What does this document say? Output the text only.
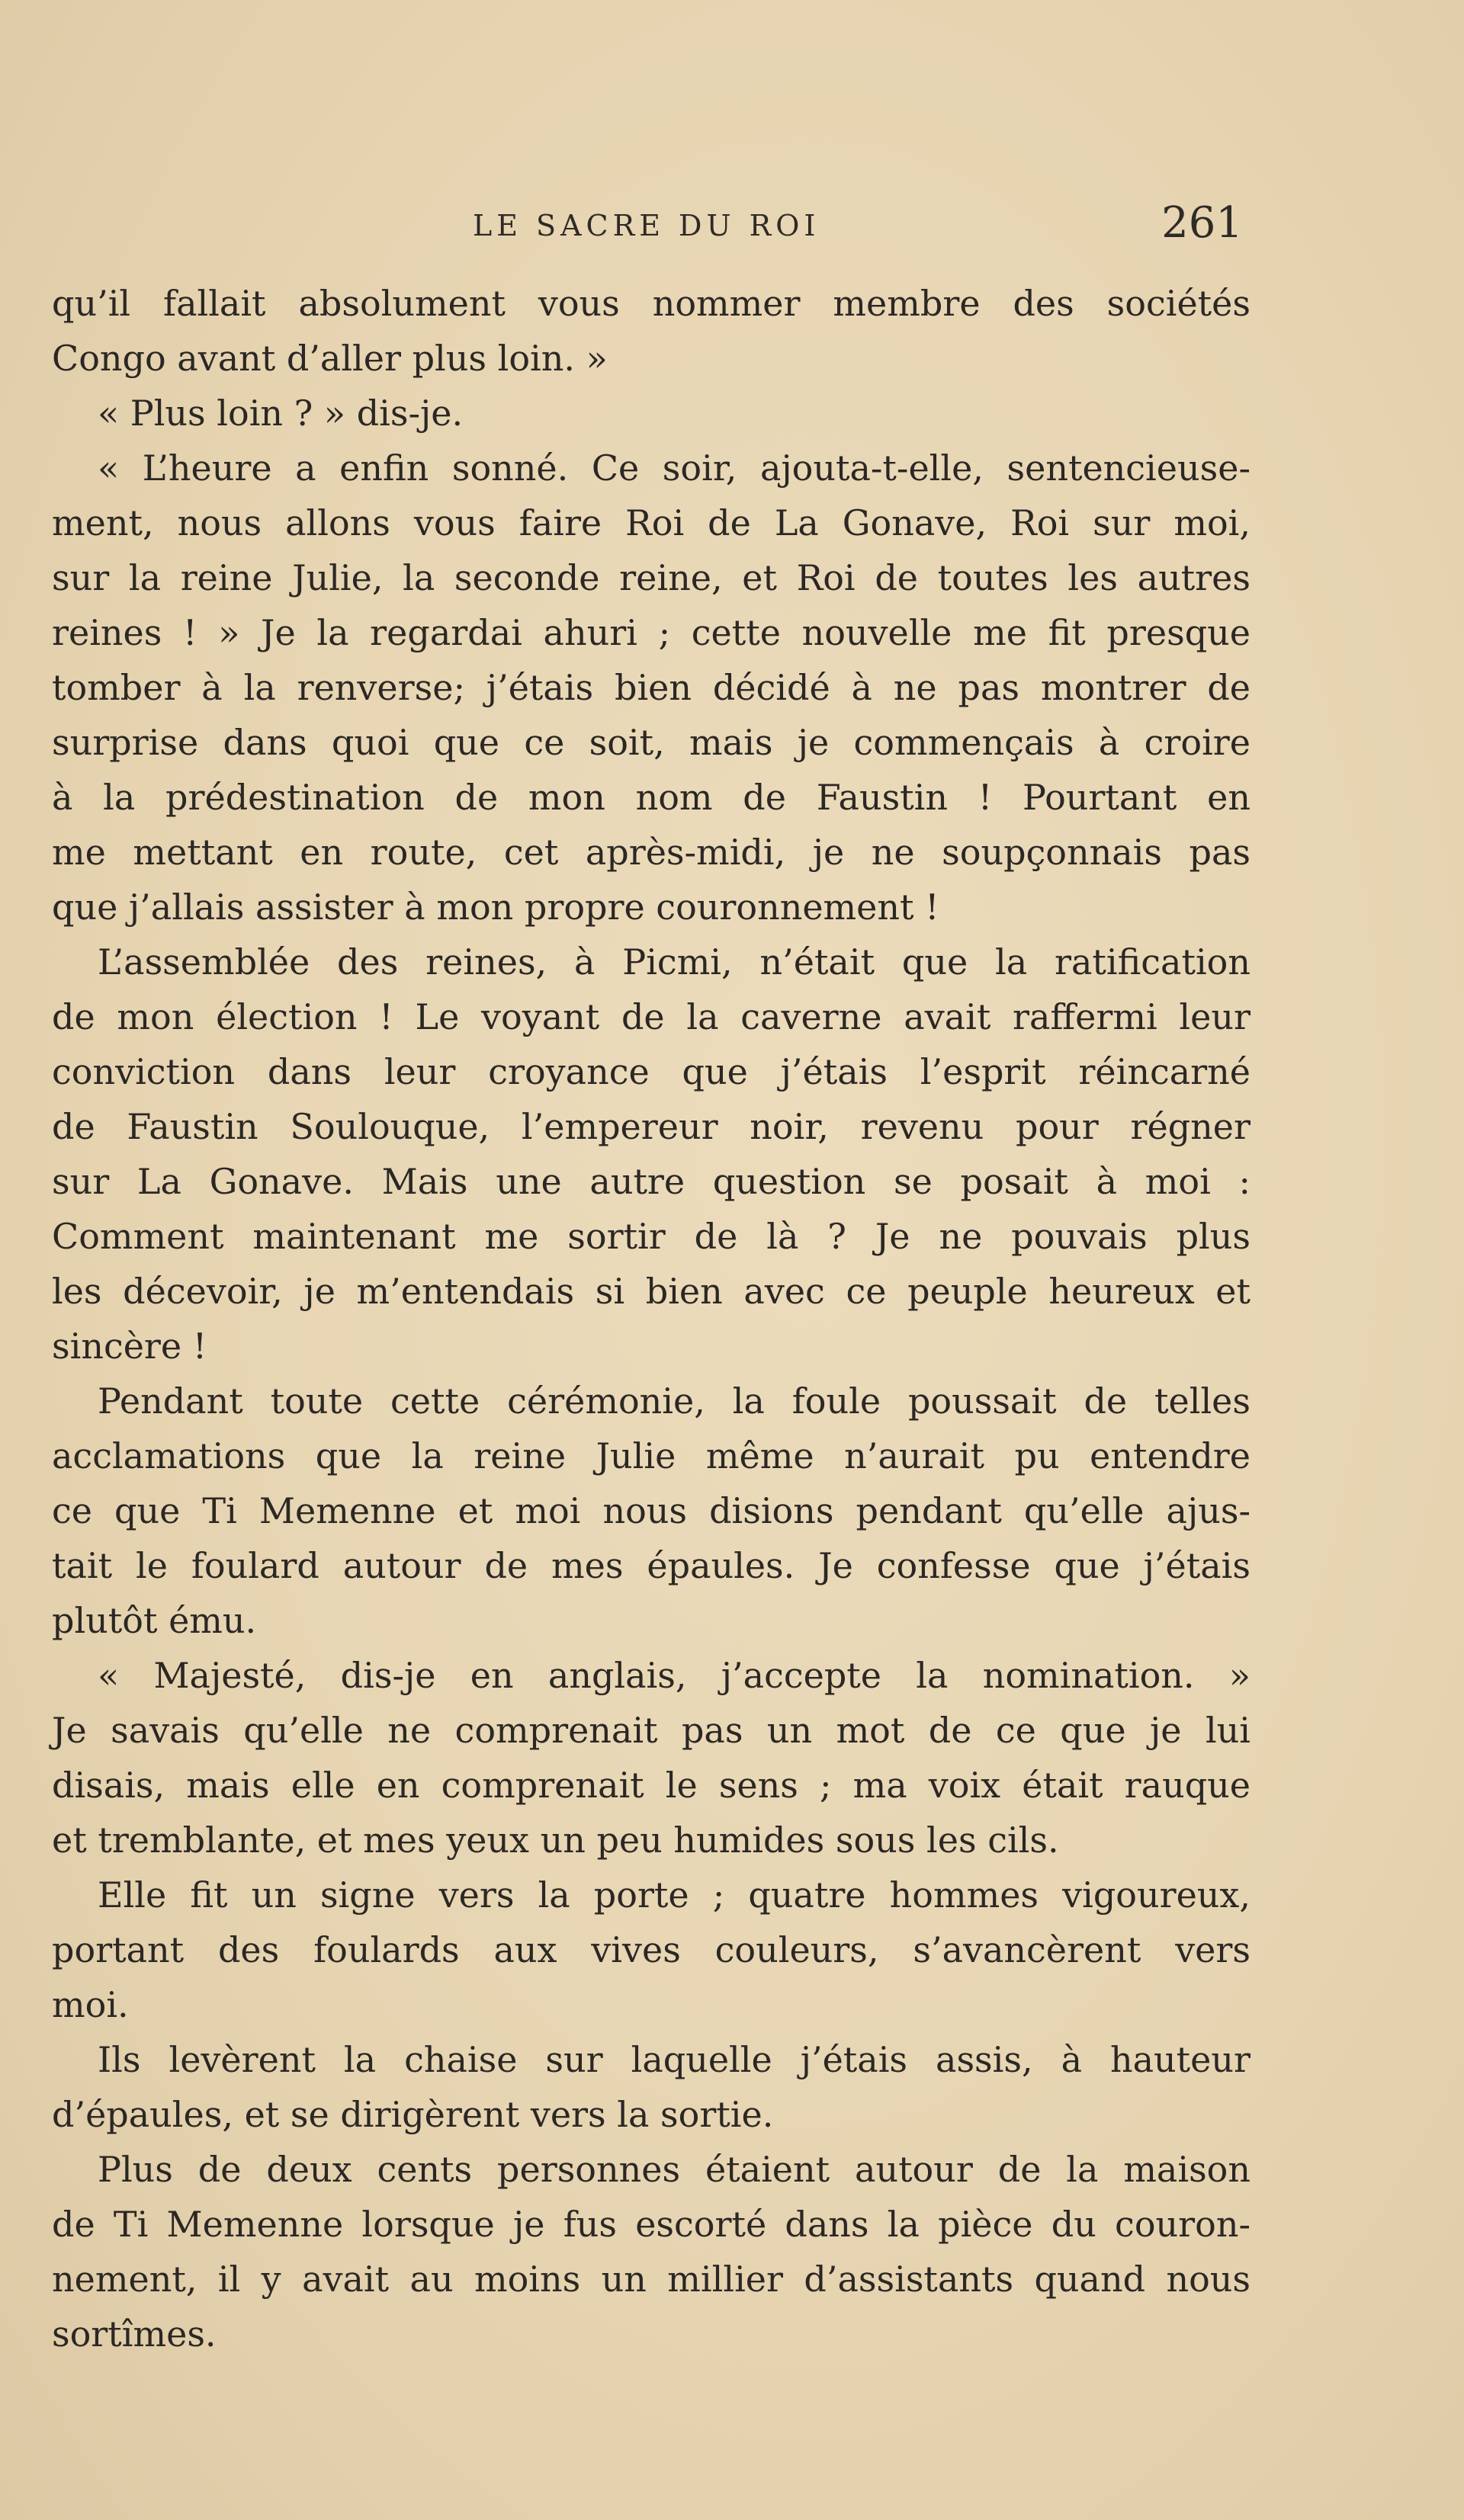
LE SACRE DU ROI	261
qu’il fallait absolument vous nommer membre des sociétés
Congo avant d’aller plus loin. »
« Plus loin ? » dis-je.
« L’heure a enfin sonné. Ce soir, ajouta-t-elle, sentencieuse-
ment, nous allons vous faire Roi de La Gonave, Roi sur moi,
sur la reine Julie, la seconde reine, et Roi de toutes les autres
reines ! » Je la regardai ahuri ; cette nouvelle me fit presque
tomber à la renverse; j’étais bien décidé à ne pas montrer de
surprise dans quoi que ce soit, mais je commençais à croire
à la prédestination de mon nom de Faustin ! Pourtant en
me mettant en route, cet après-midi, je ne soupçonnais pas
que j’allais assister à mon propre couronnement !
L’assemblée des reines, à Picmi, n’était que la ratification
de mon élection ! Le voyant de la caverne avait raffermi leur
conviction dans leur croyance que j’étais l’esprit réincarné
de Faustin Soulouque, l’empereur noir, revenu pour régner
sur La Gonave. Mais une autre question se posait à moi :
Comment maintenant me sortir de là ? Je ne pouvais plus
les décevoir, je m’entendais si bien avec ce peuple heureux et
sincère !
Pendant toute cette cérémonie, la foule poussait de telles
acclamations que la reine Julie même n’aurait pu entendre
ce que Ti Memenne et moi nous disions pendant qu’elle ajus-
tait le foulard autour de mes épaules. Je confesse que j’étais
plutôt ému.
« Majesté, dis-je en anglais, j’accepte la nomination. »
Je savais qu’elle ne comprenait pas un mot de ce que je lui
disais, mais elle en comprenait le sens ; ma voix était rauque
et tremblante, et mes yeux un peu humides sous les cils.
Elle fit un signe vers la porte ; quatre hommes vigoureux,
portant des foulards aux vives couleurs, s’avancèrent vers
moi.
Ils levèrent la chaise sur laquelle j’étais assis, à hauteur
d’épaules, et se dirigèrent vers la sortie.
Plus de deux cents personnes étaient autour de la maison
de Ti Memenne lorsque je fus escorté dans la pièce du couron-
nement, il y avait au moins un millier d’assistants quand nous
sortîmes.
